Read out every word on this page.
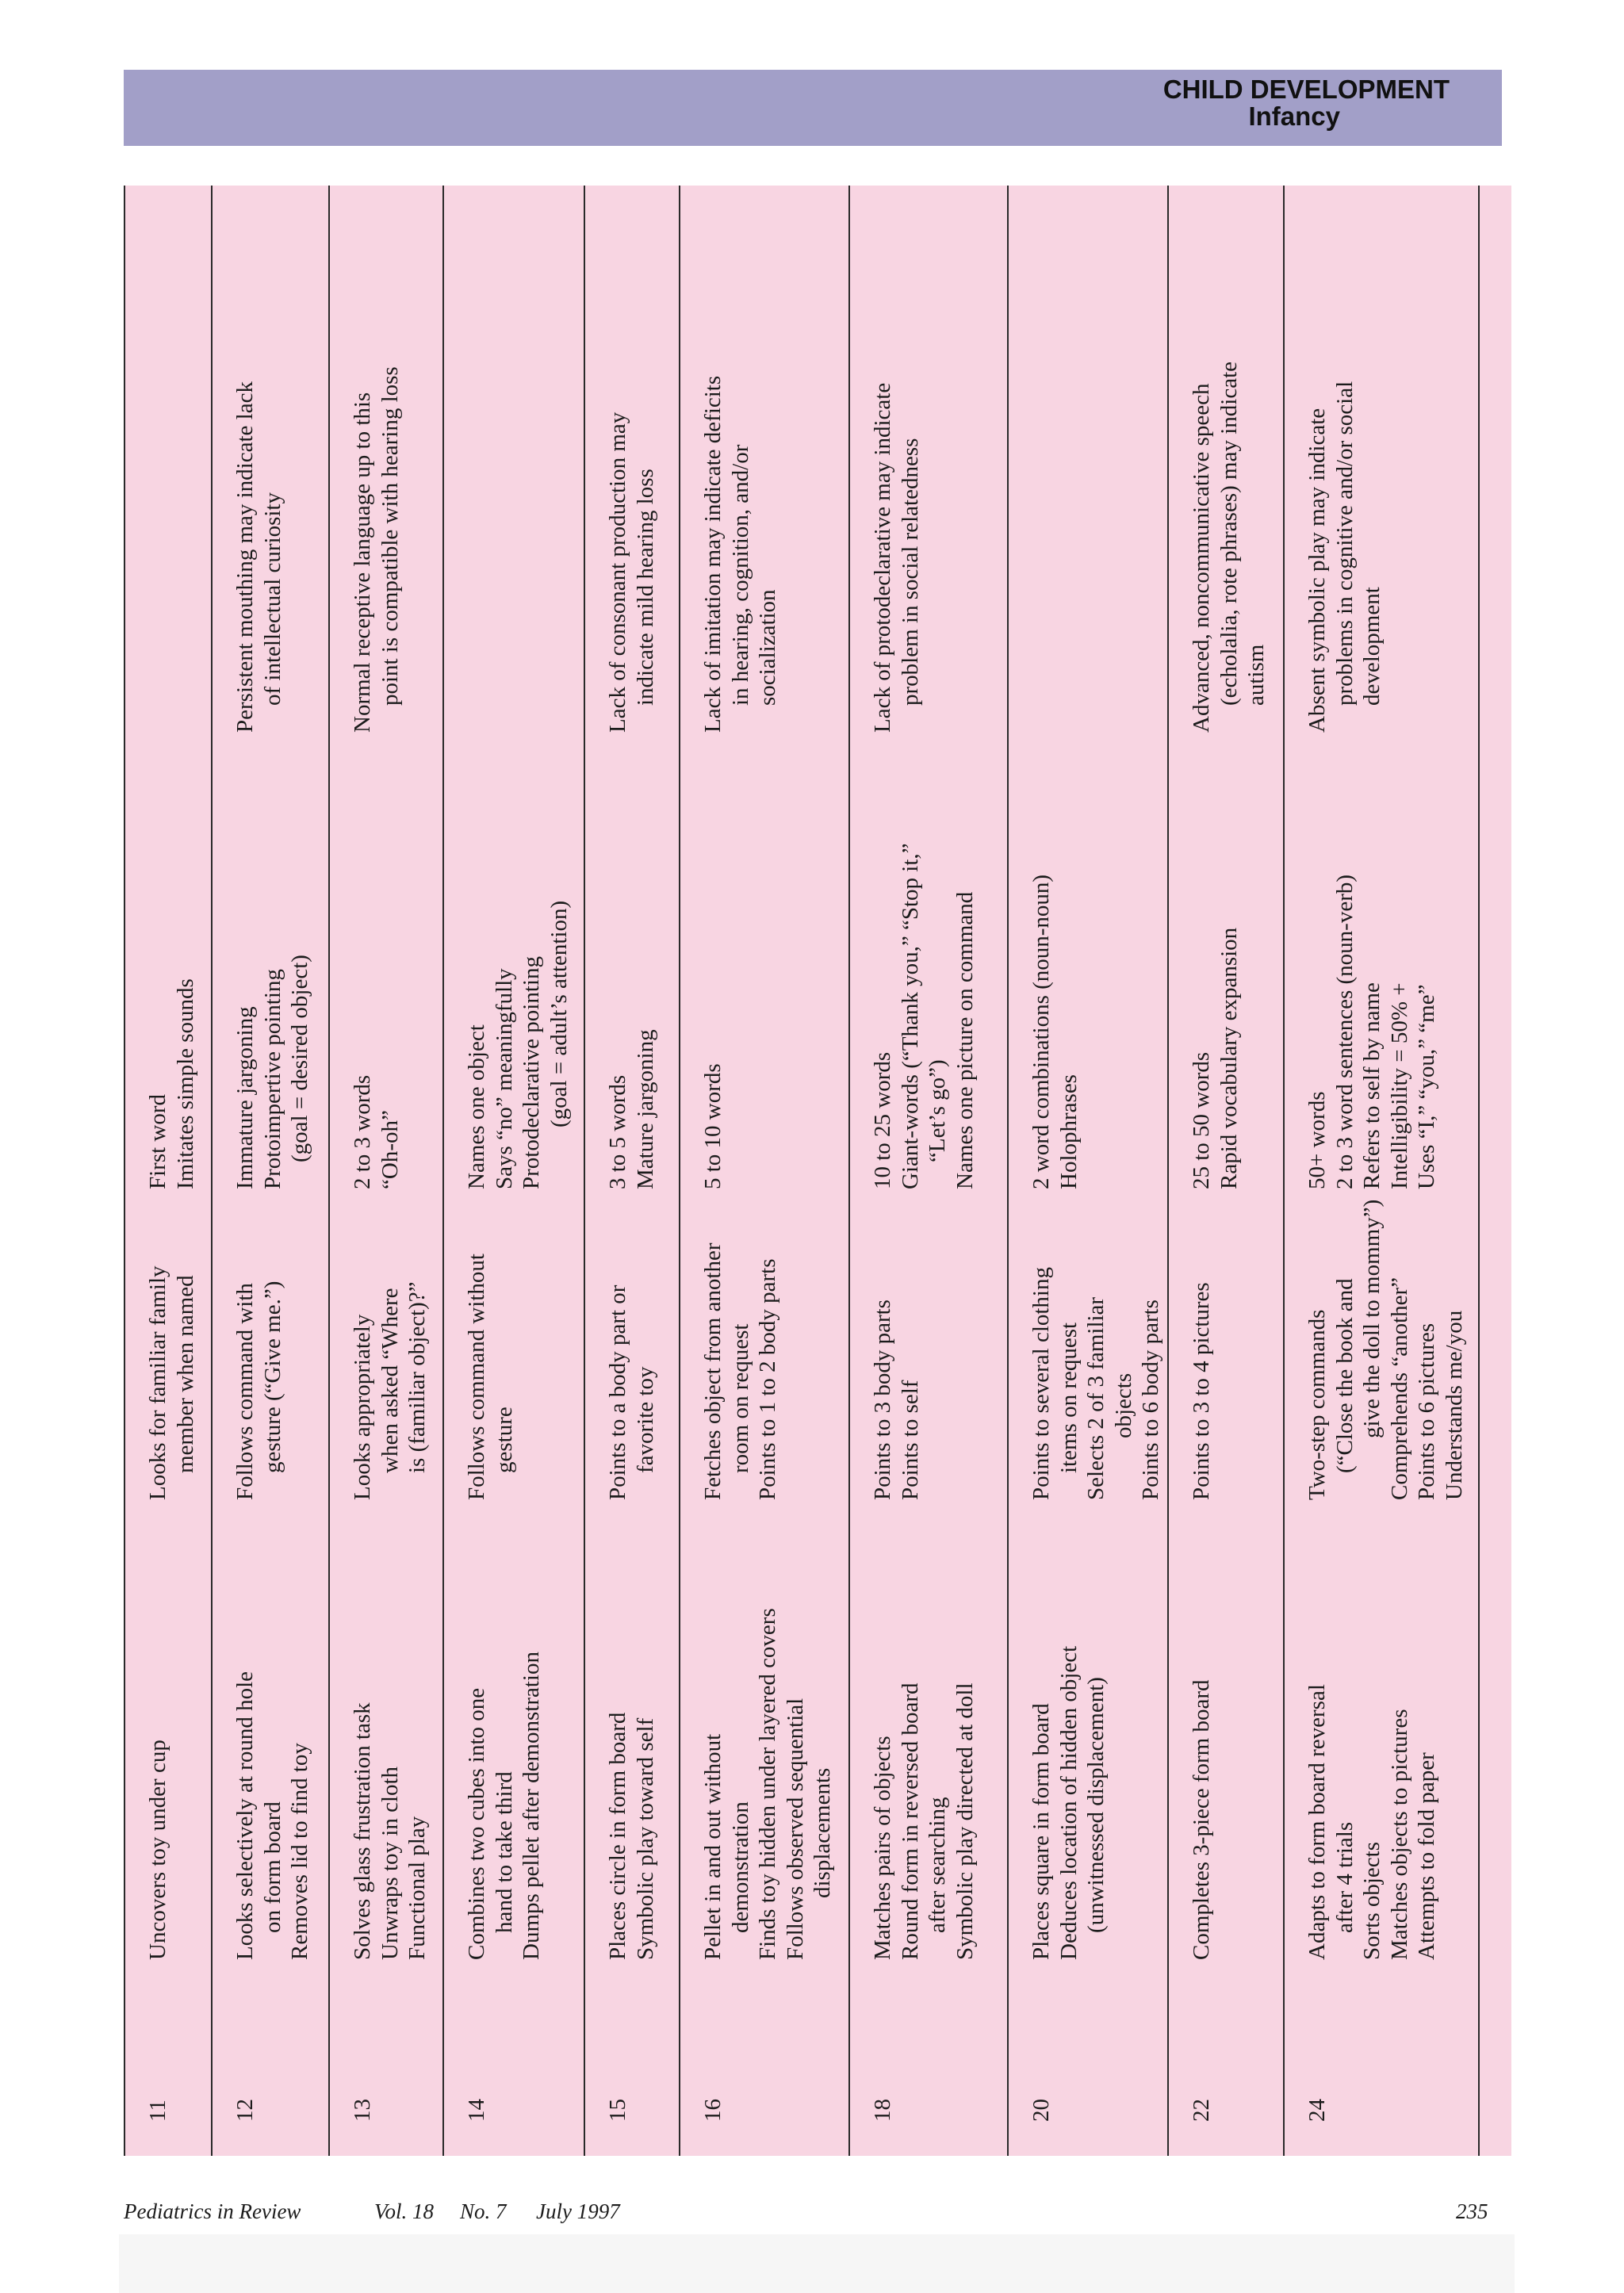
CHILD DEVELOPMENT
Infancy
11
Uncovers toy under cup
Looks for familiar family member when named
First word Imitates simple sounds
12
Looks selectively at round hole on form board Removes lid to find toy
Follows command with gesture (“Give me.”)
Immature jargoning Protoimpertive pointing (goal = desired object)
Persistent mouthing may indicate lack of intellectual curiosity
13
Solves glass frustration task Unwraps toy in cloth Functional play
Looks appropriately when asked “Where is (familiar object)?”
2 to 3 words “Oh-oh”
Normal receptive language up to this point is compatible with hearing loss
14
Combines two cubes into one hand to take third Dumps pellet after demonstration
Follows command without gesture
Names one object Says “no” meaningfully Protodeclarative pointing (goal = adult’s attention)
15
Places circle in form board Symbolic play toward self
Points to a body part or favorite toy
3 to 5 words Mature jargoning
Lack of consonant production may indicate mild hearing loss
16
Pellet in and out without demonstration Finds toy hidden under layered covers Follows observed sequential displacements
Fetches object from another room on request Points to 1 to 2 body parts
5 to 10 words
Lack of imitation may indicate deficits in hearing, cognition, and/or socialization
18
Matches pairs of objects Round form in reversed board after searching Symbolic play directed at doll
Points to 3 body parts Points to self
10 to 25 words Giant-words (“Thank you,” “Stop it,” “Let’s go”) Names one picture on command
Lack of protodeclarative may indicate problem in social relatedness
20
Places square in form board Deduces location of hidden object (unwitnessed displacement)
Points to several clothing items on request Selects 2 of 3 familiar objects Points to 6 body parts
2 word combinations (noun-noun) Holophrases
22
Completes 3-piece form board
Points to 3 to 4 pictures
25 to 50 words Rapid vocabulary expansion
Advanced, noncommunicative speech (echolalia, rote phrases) may indicate autism
24
Adapts to form board reversal after 4 trials Sorts objects Matches objects to pictures Attempts to fold paper
Two-step commands (“Close the book and give the doll to mommy”) Comprehends “another” Points to 6 pictures Understands me/you
50+ words 2 to 3 word sentences (noun-verb) Refers to self by name Intelligibility = 50% + Uses “I,” “you,” “me”
Absent symbolic play may indicate problems in cognitive and/or social development
Pediatrics in Review	Vol. 18 No. 7 July 1997	235
